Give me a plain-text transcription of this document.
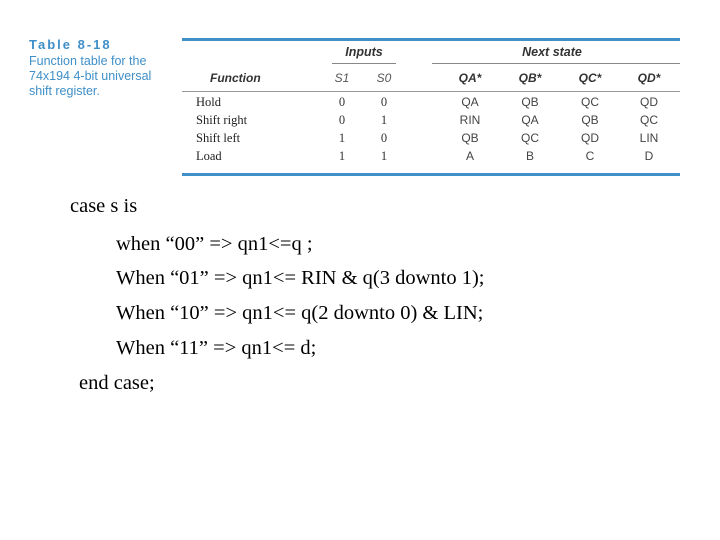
Table 8-18
Function table for the 74x194 4-bit universal shift register.
Inputs	Next state
Function	S1	S0	QA*	QB*	QC*	QD*
Hold	0	0	QA	QB	QC	QD
Shift right	0	1	RIN	QA	QB	QC
Shift left	1	0	QB	QC	QD	LIN
Load	1	1	A	B	C	D
case s is
when “00” => qn1<=q ;
When “01” => qn1<= RIN & q(3 downto 1);
When “10” => qn1<= q(2 downto 0) & LIN;
When “11” => qn1<= d;
end case;
